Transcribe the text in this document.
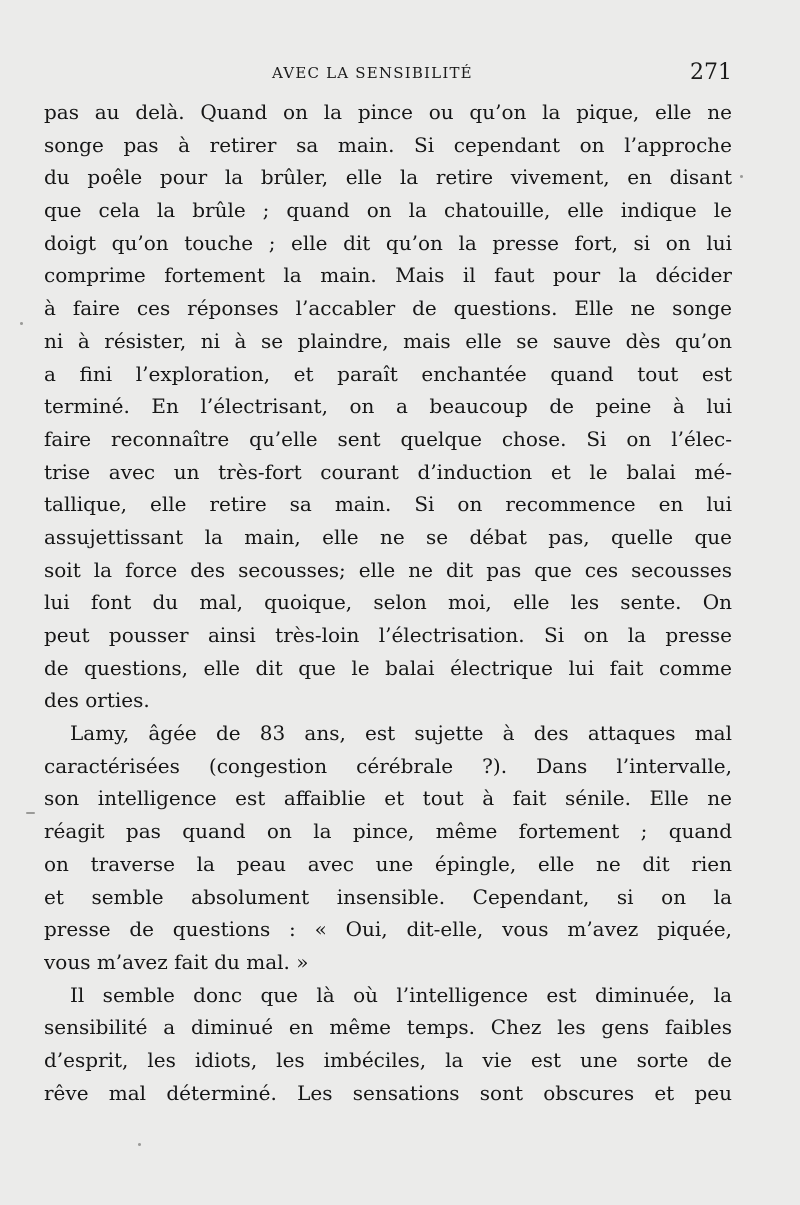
AVEC LA SENSIBILITÉ	271
pas au delà. Quand on la pince ou qu’on la pique, elle ne
songe pas à retirer sa main. Si cependant on l’approche
du poêle pour la brûler, elle la retire vivement, en disant
que cela la brûle ; quand on la chatouille, elle indique le
doigt qu’on touche ; elle dit qu’on la presse fort, si on lui
comprime fortement la main. Mais il faut pour la décider
à faire ces réponses l’accabler de questions. Elle ne songe
ni à résister, ni à se plaindre, mais elle se sauve dès qu’on
a fini l’exploration, et paraît enchantée quand tout est
terminé. En l’électrisant, on a beaucoup de peine à lui
faire reconnaître qu’elle sent quelque chose. Si on l’élec-
trise avec un très-fort courant d’induction et le balai mé-
tallique, elle retire sa main. Si on recommence en lui
assujettissant la main, elle ne se débat pas, quelle que
soit la force des secousses; elle ne dit pas que ces secousses
lui font du mal, quoique, selon moi, elle les sente. On
peut pousser ainsi très-loin l’électrisation. Si on la presse
de questions, elle dit que le balai électrique lui fait comme
des orties.
Lamy, âgée de 83 ans, est sujette à des attaques mal
caractérisées (congestion cérébrale ?). Dans l’intervalle,
son intelligence est affaiblie et tout à fait sénile. Elle ne
réagit pas quand on la pince, même fortement ; quand
on traverse la peau avec une épingle, elle ne dit rien
et semble absolument insensible. Cependant, si on la
presse de questions : « Oui, dit-elle, vous m’avez piquée,
vous m’avez fait du mal. »
Il semble donc que là où l’intelligence est diminuée, la
sensibilité a diminué en même temps. Chez les gens faibles
d’esprit, les idiots, les imbéciles, la vie est une sorte de
rêve mal déterminé. Les sensations sont obscures et peu
